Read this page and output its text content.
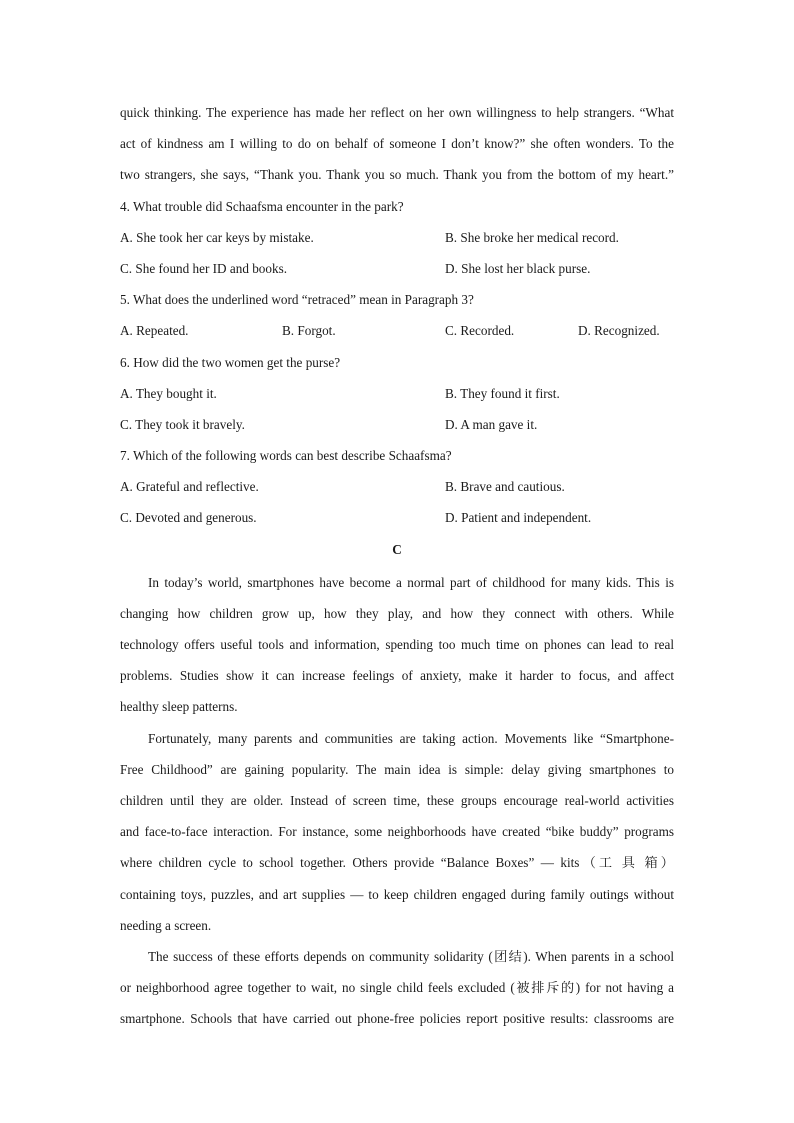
quick thinking. The experience has made her reflect on her own willingness to help strangers. “What
act of kindness am I willing to do on behalf of someone I don’t know?” she often wonders. To the
two strangers, she says, “Thank you. Thank you so much. Thank you from the bottom of my heart.”
4. What trouble did Schaafsma encounter in the park?
A. She took her car keys by mistake.	B. She broke her medical record.
C. She found her ID and books.	D. She lost her black purse.
5. What does the underlined word “retraced” mean in Paragraph 3?
A. Repeated.	B. Forgot.	C. Recorded.	D. Recognized.
6. How did the two women get the purse?
A. They bought it.	B. They found it first.
C. They took it bravely.	D. A man gave it.
7. Which of the following words can best describe Schaafsma?
A. Grateful and reflective.	B. Brave and cautious.
C. Devoted and generous.	D. Patient and independent.
C
In today’s world, smartphones have become a normal part of childhood for many kids. This is
changing how children grow up, how they play, and how they connect with others. While
technology offers useful tools and information, spending too much time on phones can lead to real
problems. Studies show it can increase feelings of anxiety, make it harder to focus, and affect
healthy sleep patterns.
Fortunately, many parents and communities are taking action. Movements like “Smartphone-
Free Childhood” are gaining popularity. The main idea is simple: delay giving smartphones to
children until they are older. Instead of screen time, these groups encourage real-world activities
and face-to-face interaction. For instance, some neighborhoods have created “bike buddy” programs
where children cycle to school together. Others provide “Balance Boxes” — kits（工 具 箱）
containing toys, puzzles, and art supplies — to keep children engaged during family outings without
needing a screen.
The success of these efforts depends on community solidarity (团结). When parents in a school
or neighborhood agree together to wait, no single child feels excluded (被排斥的) for not having a
smartphone. Schools that have carried out phone-free policies report positive results: classrooms are
